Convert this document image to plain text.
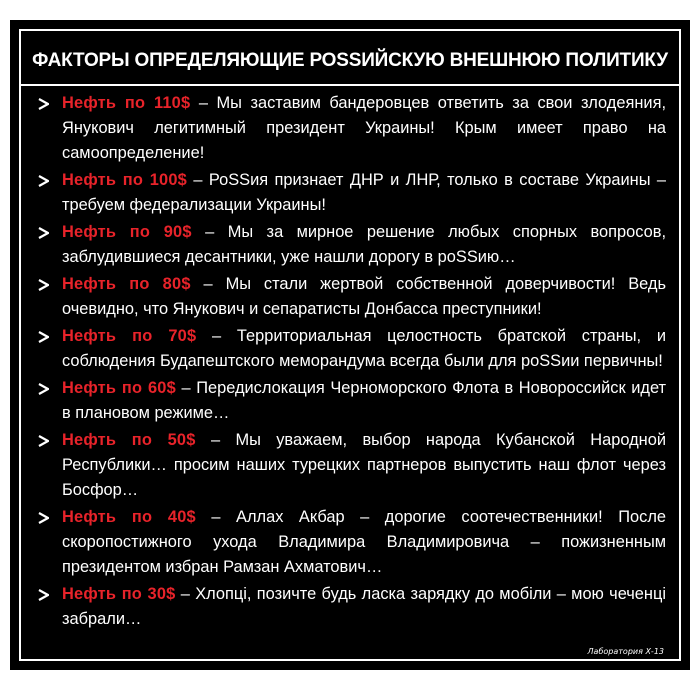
ФАКТОРЫ ОПРЕДЕЛЯЮЩИЕ РОSSИЙСКУЮ ВНЕШНЮЮ ПОЛИТИКУ
Нефть по 110$ – Мы заставим бандеровцев ответить за свои злодеяния, Янукович легитимный президент Украины! Крым имеет право на самоопределение!
Нефть по 100$ – РоSSия признает ДНР и ЛНР, только в составе Украины – требуем федерализации Украины!
Нефть по 90$ – Мы за мирное решение любых спорных вопросов, заблудившиеся десантники, уже нашли дорогу в роSSию…
Нефть по 80$ – Мы стали жертвой собственной доверчивости! Ведь очевидно, что Янукович и сепаратисты Донбасса преступники!
Нефть по 70$ – Территориальная целостность братской страны, и соблюдения Будапештского меморандума всегда были для роSSии первичны!
Нефть по 60$ – Передислокация Черноморского Флота в Новороссийск идет в плановом режиме…
Нефть по 50$ – Мы уважаем, выбор народа Кубанской Народной Республики… просим наших турецких партнеров выпустить наш флот через Босфор…
Нефть по 40$ – Аллах Акбар – дорогие соотечественники! После скоропостижного ухода Владимира Владимировича – пожизненным президентом избран Рамзан Ахматович…
Нефть по 30$ – Хлопці, позичте будь ласка зарядку до мобіли – мою чеченці забрали…
Лаборатория Х-13
